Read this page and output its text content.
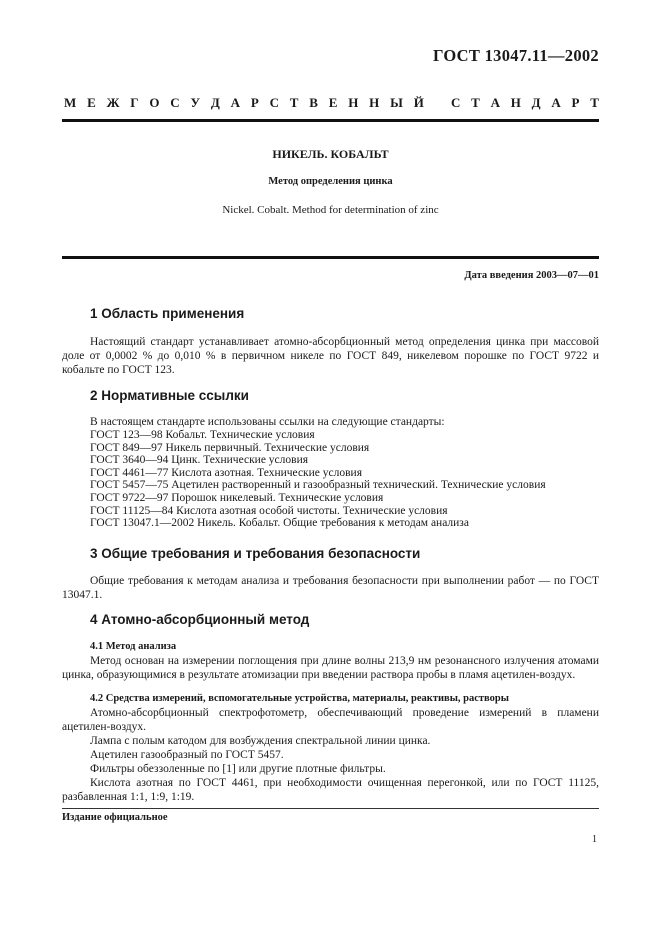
ГОСТ 13047.11—2002
М Е Ж Г О С У Д А Р С Т В Е Н Н Ы Й С Т А Н Д А Р Т
НИКЕЛЬ. КОБАЛЬТ
Метод определения цинка
Nickel. Cobalt. Method for determination of zinc
Дата введения 2003—07—01
1 Область применения
Настоящий стандарт устанавливает атомно-абсорбционный метод определения цинка при массовой доле от 0,0002 % до 0,010 % в первичном никеле по ГОСТ 849, никелевом порошке по ГОСТ 9722 и кобальте по ГОСТ 123.
2 Нормативные ссылки
В настоящем стандарте использованы ссылки на следующие стандарты:
ГОСТ 123—98 Кобальт. Технические условия
ГОСТ 849—97 Никель первичный. Технические условия
ГОСТ 3640—94 Цинк. Технические условия
ГОСТ 4461—77 Кислота азотная. Технические условия
ГОСТ 5457—75 Ацетилен растворенный и газообразный технический. Технические условия
ГОСТ 9722—97 Порошок никелевый. Технические условия
ГОСТ 11125—84 Кислота азотная особой чистоты. Технические условия
ГОСТ 13047.1—2002 Никель. Кобальт. Общие требования к методам анализа
3 Общие требования и требования безопасности
Общие требования к методам анализа и требования безопасности при выполнении работ — по ГОСТ 13047.1.
4 Атомно-абсорбционный метод
4.1 Метод анализа
Метод основан на измерении поглощения при длине волны 213,9 нм резонансного излучения атомами цинка, образующимися в результате атомизации при введении раствора пробы в пламя ацетилен-воздух.
4.2 Средства измерений, вспомогательные устройства, материалы, реактивы, растворы
Атомно-абсорбционный спектрофотометр, обеспечивающий проведение измерений в пламени ацетилен-воздух.
Лампа с полым катодом для возбуждения спектральной линии цинка.
Ацетилен газообразный по ГОСТ 5457.
Фильтры обеззоленные по [1] или другие плотные фильтры.
Кислота азотная по ГОСТ 4461, при необходимости очищенная перегонкой, или по ГОСТ 11125, разбавленная 1:1, 1:9, 1:19.
Издание официальное
1
